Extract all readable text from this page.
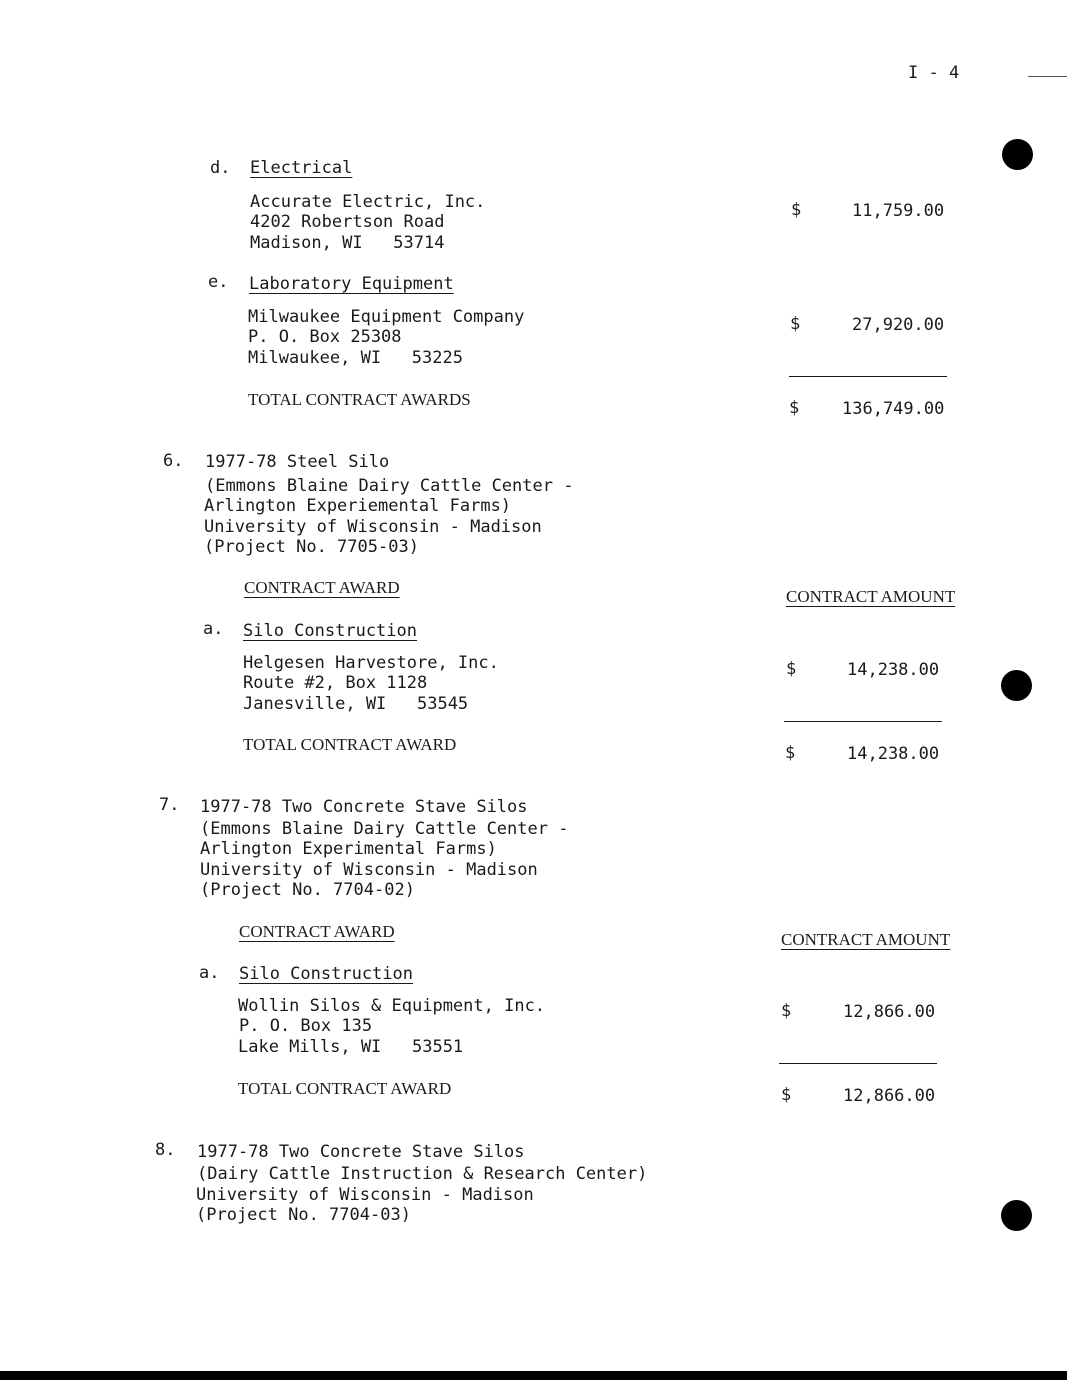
I - 4
d. Electrical
Accurate Electric, Inc.
4202 Robertson Road
Madison, WI   53714
$	11,759.00
e. Laboratory Equipment
Milwaukee Equipment Company
P. O. Box 25308
Milwaukee, WI   53225
$	27,920.00
TOTAL CONTRACT AWARDS	$	136,749.00
6. 1977-78 Steel Silo
(Emmons Blaine Dairy Cattle Center -
Arlington Experiemental Farms)
University of Wisconsin - Madison
(Project No. 7705-03)
CONTRACT AWARD	CONTRACT AMOUNT
a. Silo Construction
Helgesen Harvestore, Inc.
Route #2, Box 1128
Janesville, WI   53545
$	14,238.00
TOTAL CONTRACT AWARD	$	14,238.00
7. 1977-78 Two Concrete Stave Silos
(Emmons Blaine Dairy Cattle Center -
Arlington Experimental Farms)
University of Wisconsin - Madison
(Project No. 7704-02)
CONTRACT AWARD	CONTRACT AMOUNT
a. Silo Construction
Wollin Silos & Equipment, Inc.
P. O. Box 135
Lake Mills, WI   53551
$	12,866.00
TOTAL CONTRACT AWARD	$	12,866.00
8. 1977-78 Two Concrete Stave Silos
(Dairy Cattle Instruction & Research Center)
University of Wisconsin - Madison
(Project No. 7704-03)
